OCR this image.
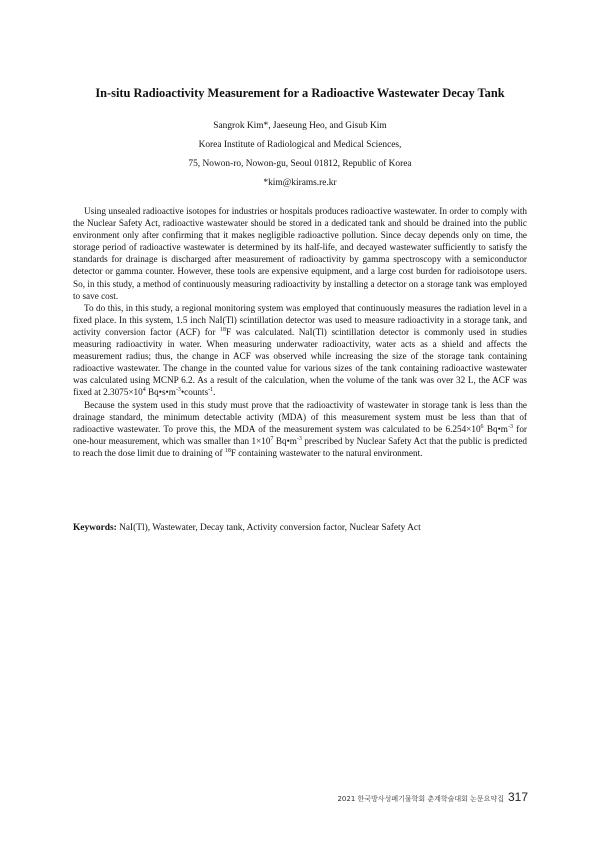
In-situ Radioactivity Measurement for a Radioactive Wastewater Decay Tank
Sangrok Kim*, Jaeseung Heo, and Gisub Kim
Korea Institute of Radiological and Medical Sciences,
75, Nowon-ro, Nowon-gu, Seoul 01812, Republic of Korea
*kim@kirams.re.kr

Using unsealed radioactive isotopes for industries or hospitals produces radioactive wastewater. In order to comply with the Nuclear Safety Act, radioactive wastewater should be stored in a dedicated tank and should be drained into the public environment only after confirming that it makes negligible radioactive pollution. Since decay depends only on time, the storage period of radioactive wastewater is determined by its half-life, and decayed wastewater sufficiently to satisfy the standards for drainage is discharged after measurement of radioactivity by gamma spectroscopy with a semiconductor detector or gamma counter. However, these tools are expensive equipment, and a large cost burden for radioisotope users. So, in this study, a method of continuously measuring radioactivity by installing a detector on a storage tank was employed to save cost.

To do this, in this study, a regional monitoring system was employed that continuously measures the radiation level in a fixed place. In this system, 1.5 inch NaI(Tl) scintillation detector was used to measure radioactivity in a storage tank, and activity conversion factor (ACF) for $^{18}$F was calculated. NaI(Tl) scintillation detector is commonly used in studies measuring radioactivity in water. When measuring underwater radioactivity, water acts as a shield and affects the measurement radius; thus, the change in ACF was observed while increasing the size of the storage tank containing radioactive wastewater. The change in the counted value for various sizes of the tank containing radioactive wastewater was calculated using MCNP 6.2. As a result of the calculation, when the volume of the tank was over 32 L, the ACF was fixed at $2.3075\times 10^4$ $Bq•s•m^{-3}•counts^{-1}$.

Because the system used in this study must prove that the radioactivity of wastewater in storage tank is less than the drainage standard, the minimum detectable activity (MDA) of this measurement system must be less than that of radioactive wastewater. To prove this, the MDA of the measurement system was calculated to be $6.254\times 10^6$ $Bq•m^{-3}$ for one-hour measurement, which was smaller than $1\times 10^7$ $Bq•m^{-3}$ prescribed by Nuclear Safety Act that the public is predicted to reach the dose limit due to draining of $^{18}$F containing wastewater to the natural environment.

Keywords: NaI(Tl), Wastewater, Decay tank, Activity conversion factor, Nuclear Safety Act
2021 한국방사성폐기물학회 춘계학술대회 논문요약집 317
